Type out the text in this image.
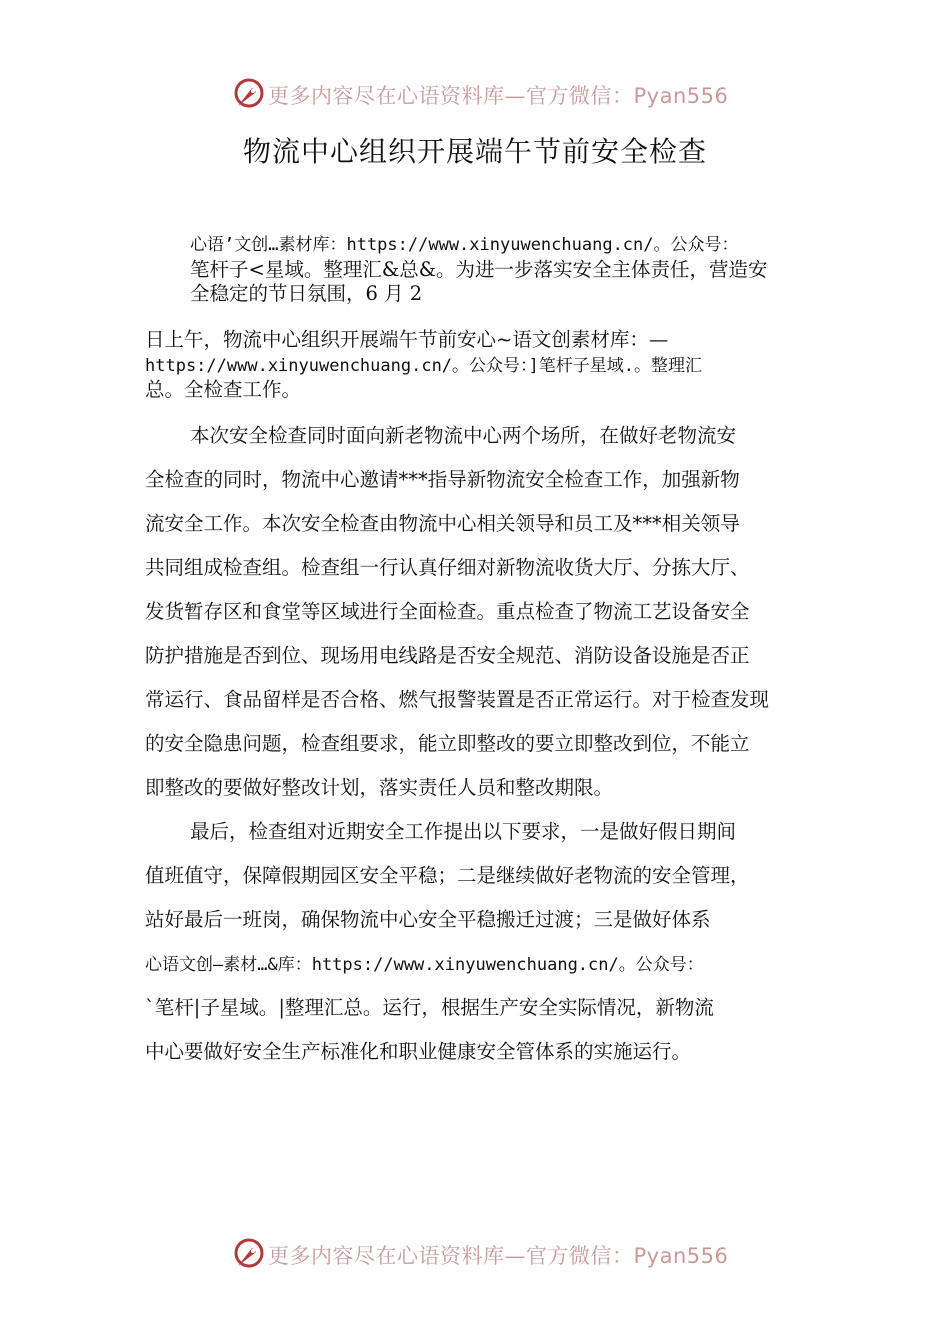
更多内容尽在心语资料库—官方微信：Pyan556
物流中心组织开展端午节前安全检查
心语’文创…素材库：https://www.xinyuwenchuang.cn/。公众号：
笔杆子<星域。整理汇&总&。为进一步落实安全主体责任，营造安
全稳定的节日氛围，6 月 2
日上午，物流中心组织开展端午节前安心~语文创素材库：—
https://www.xinyuwenchuang.cn/。公众号：]笔杆子星域.。整理汇
总。全检查工作。
本次安全检查同时面向新老物流中心两个场所，在做好老物流安
全检查的同时，物流中心邀请***指导新物流安全检查工作，加强新物
流安全工作。本次安全检查由物流中心相关领导和员工及***相关领导
共同组成检查组。检查组一行认真仔细对新物流收货大厅、分拣大厅、
发货暂存区和食堂等区域进行全面检查。重点检查了物流工艺设备安全
防护措施是否到位、现场用电线路是否安全规范、消防设备设施是否正
常运行、食品留样是否合格、燃气报警装置是否正常运行。对于检查发现
的安全隐患问题，检查组要求，能立即整改的要立即整改到位，不能立
即整改的要做好整改计划，落实责任人员和整改期限。
最后，检查组对近期安全工作提出以下要求，一是做好假日期间
值班值守，保障假期园区安全平稳；二是继续做好老物流的安全管理，
站好最后一班岗，确保物流中心安全平稳搬迁过渡；三是做好体系
心语文创—素材…&库：https://www.xinyuwenchuang.cn/。公众号：
`笔杆|子星域。|整理汇总。运行，根据生产安全实际情况，新物流
中心要做好安全生产标准化和职业健康安全管体系的实施运行。
更多内容尽在心语资料库—官方微信：Pyan556
